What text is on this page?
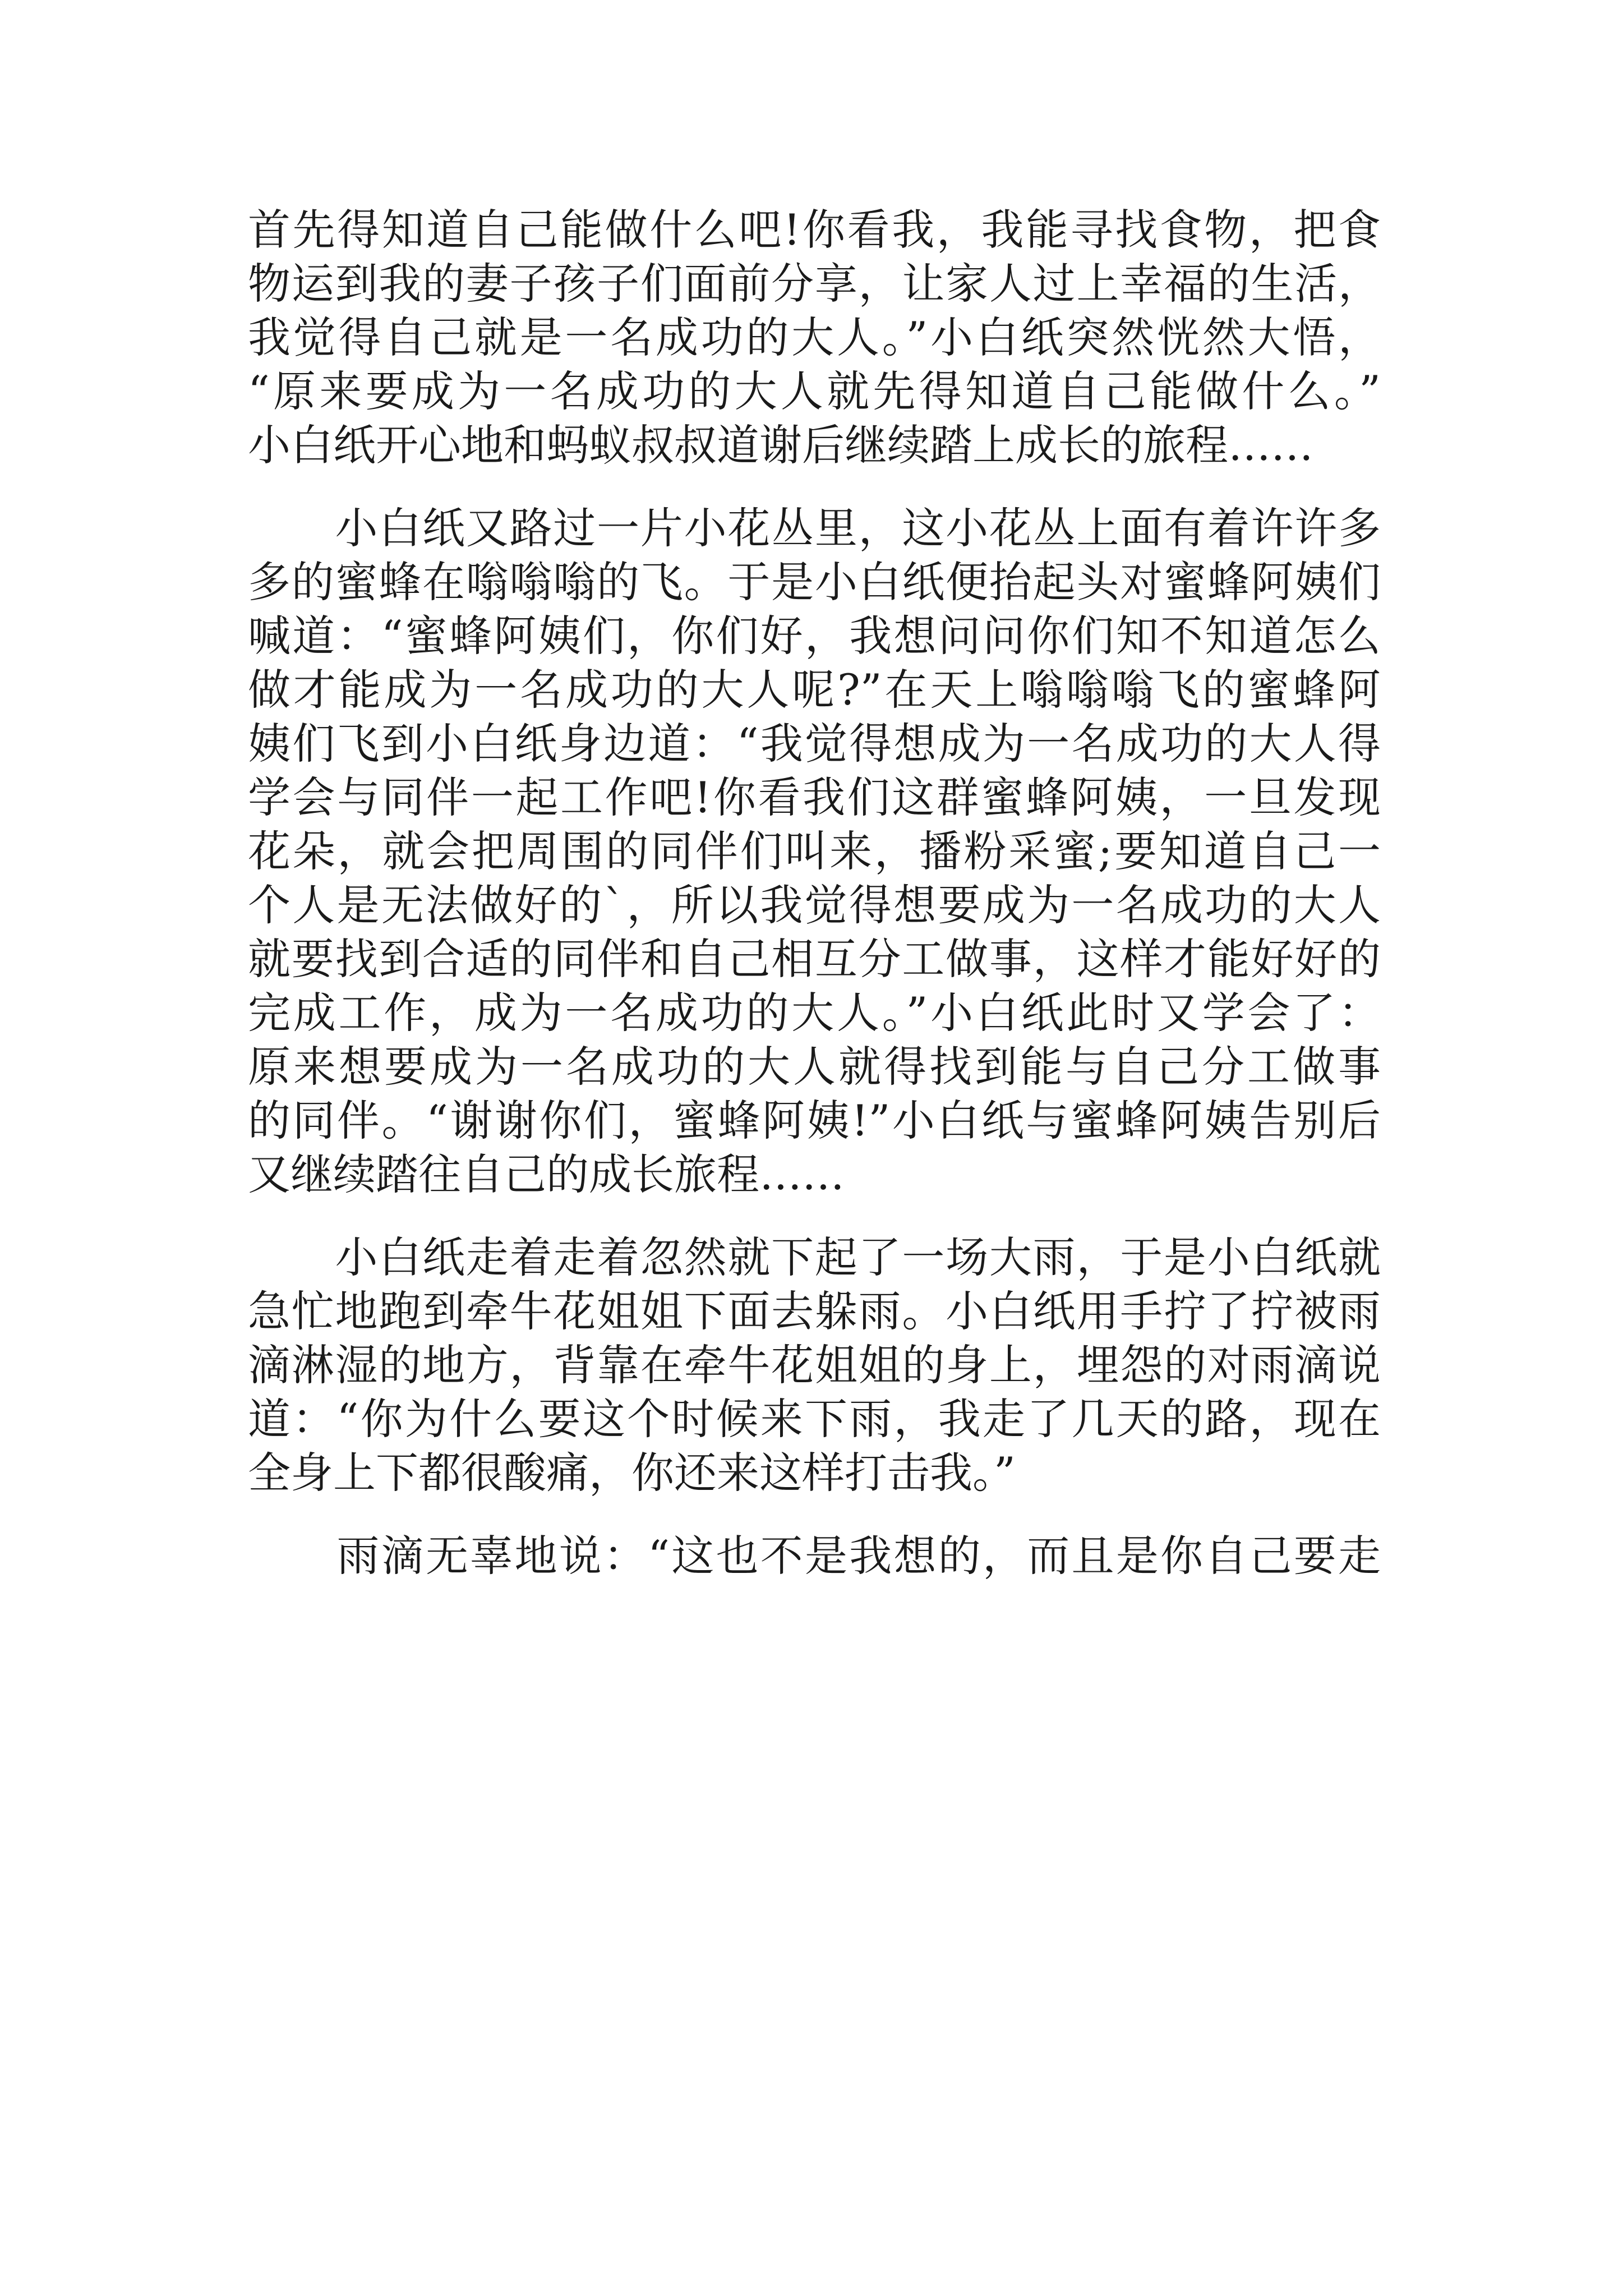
首先得知道自己能做什么吧!你看我，我能寻找食物，把食
物运到我的妻子孩子们面前分享，让家人过上幸福的生活，
我觉得自己就是一名成功的大人。”小白纸突然恍然大悟，
“原来要成为一名成功的大人就先得知道自己能做什么。”
小白纸开心地和蚂蚁叔叔道谢后继续踏上成长的旅程……
　　小白纸又路过一片小花丛里，这小花丛上面有着许许多
多的蜜蜂在嗡嗡嗡的飞。于是小白纸便抬起头对蜜蜂阿姨们
喊道：“蜜蜂阿姨们，你们好，我想问问你们知不知道怎么
做才能成为一名成功的大人呢?”在天上嗡嗡嗡飞的蜜蜂阿
姨们飞到小白纸身边道：“我觉得想成为一名成功的大人得
学会与同伴一起工作吧!你看我们这群蜜蜂阿姨，一旦发现
花朵，就会把周围的同伴们叫来，播粉采蜜;要知道自己一
个人是无法做好的`，所以我觉得想要成为一名成功的大人
就要找到合适的同伴和自己相互分工做事，这样才能好好的
完成工作，成为一名成功的大人。”小白纸此时又学会了：
原来想要成为一名成功的大人就得找到能与自己分工做事
的同伴。“谢谢你们，蜜蜂阿姨!”小白纸与蜜蜂阿姨告别后
又继续踏往自己的成长旅程……
　　小白纸走着走着忽然就下起了一场大雨，于是小白纸就
急忙地跑到牵牛花姐姐下面去躲雨。小白纸用手拧了拧被雨
滴淋湿的地方，背靠在牵牛花姐姐的身上，埋怨的对雨滴说
道：“你为什么要这个时候来下雨，我走了几天的路，现在
全身上下都很酸痛，你还来这样打击我。”
　　雨滴无辜地说：“这也不是我想的，而且是你自己要走
